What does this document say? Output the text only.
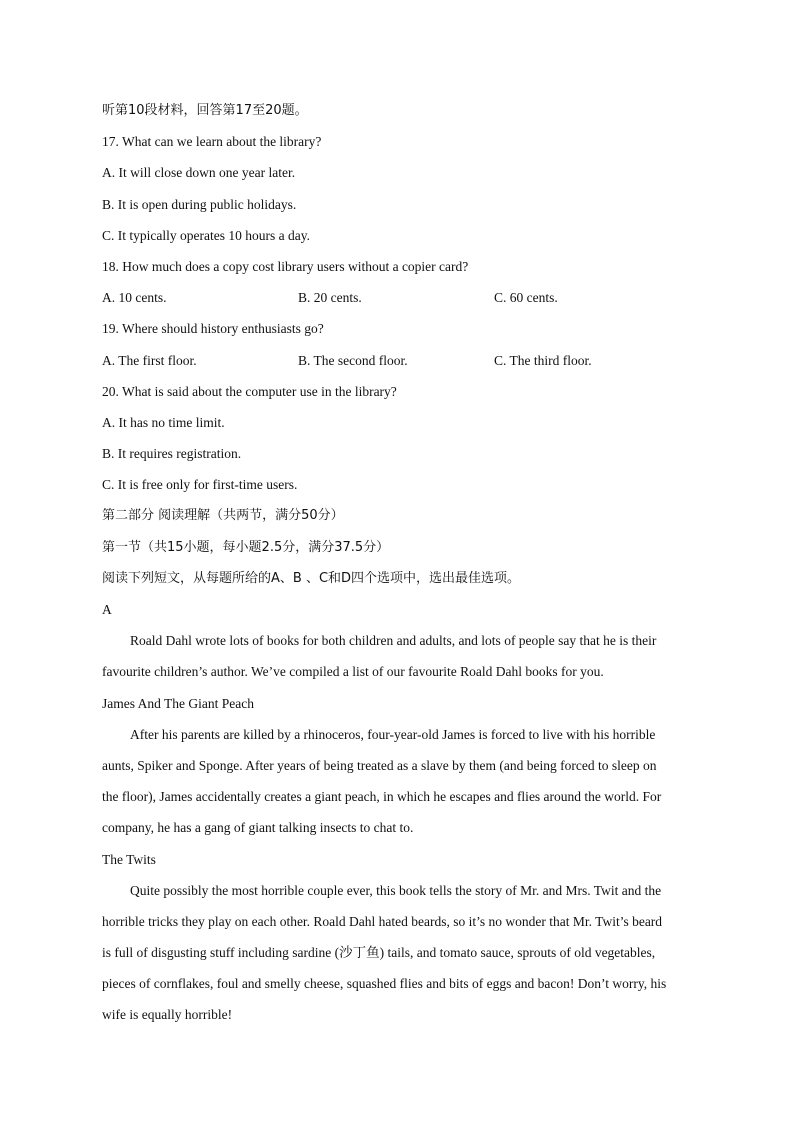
听第10段材料，回答第17至20题。
17. What can we learn about the library?
A. It will close down one year later.
B. It is open during public holidays.
C. It typically operates 10 hours a day.
18. How much does a copy cost library users without a copier card?
A. 10 cents.	B. 20 cents.	C. 60 cents.
19. Where should history enthusiasts go?
A. The first floor.	B. The second floor.	C. The third floor.
20. What is said about the computer use in the library?
A. It has no time limit.
B. It requires registration.
C. It is free only for first-time users.
第二部分 阅读理解（共两节，满分50分）
第一节（共15小题，每小题2.5分，满分37.5分）
阅读下列短文，从每题所给的A、B 、C和D四个选项中，选出最佳选项。
A
Roald Dahl wrote lots of books for both children and adults, and lots of people say that he is their
favourite children’s author. We’ve compiled a list of our favourite Roald Dahl books for you.
James And The Giant Peach
After his parents are killed by a rhinoceros, four-year-old James is forced to live with his horrible
aunts, Spiker and Sponge. After years of being treated as a slave by them (and being forced to sleep on
the floor), James accidentally creates a giant peach, in which he escapes and flies around the world. For
company, he has a gang of giant talking insects to chat to.
The Twits
Quite possibly the most horrible couple ever, this book tells the story of Mr. and Mrs. Twit and the
horrible tricks they play on each other. Roald Dahl hated beards, so it’s no wonder that Mr. Twit’s beard
is full of disgusting stuff including sardine (沙丁鱼) tails, and tomato sauce, sprouts of old vegetables,
pieces of cornflakes, foul and smelly cheese, squashed flies and bits of eggs and bacon! Don’t worry, his
wife is equally horrible!
